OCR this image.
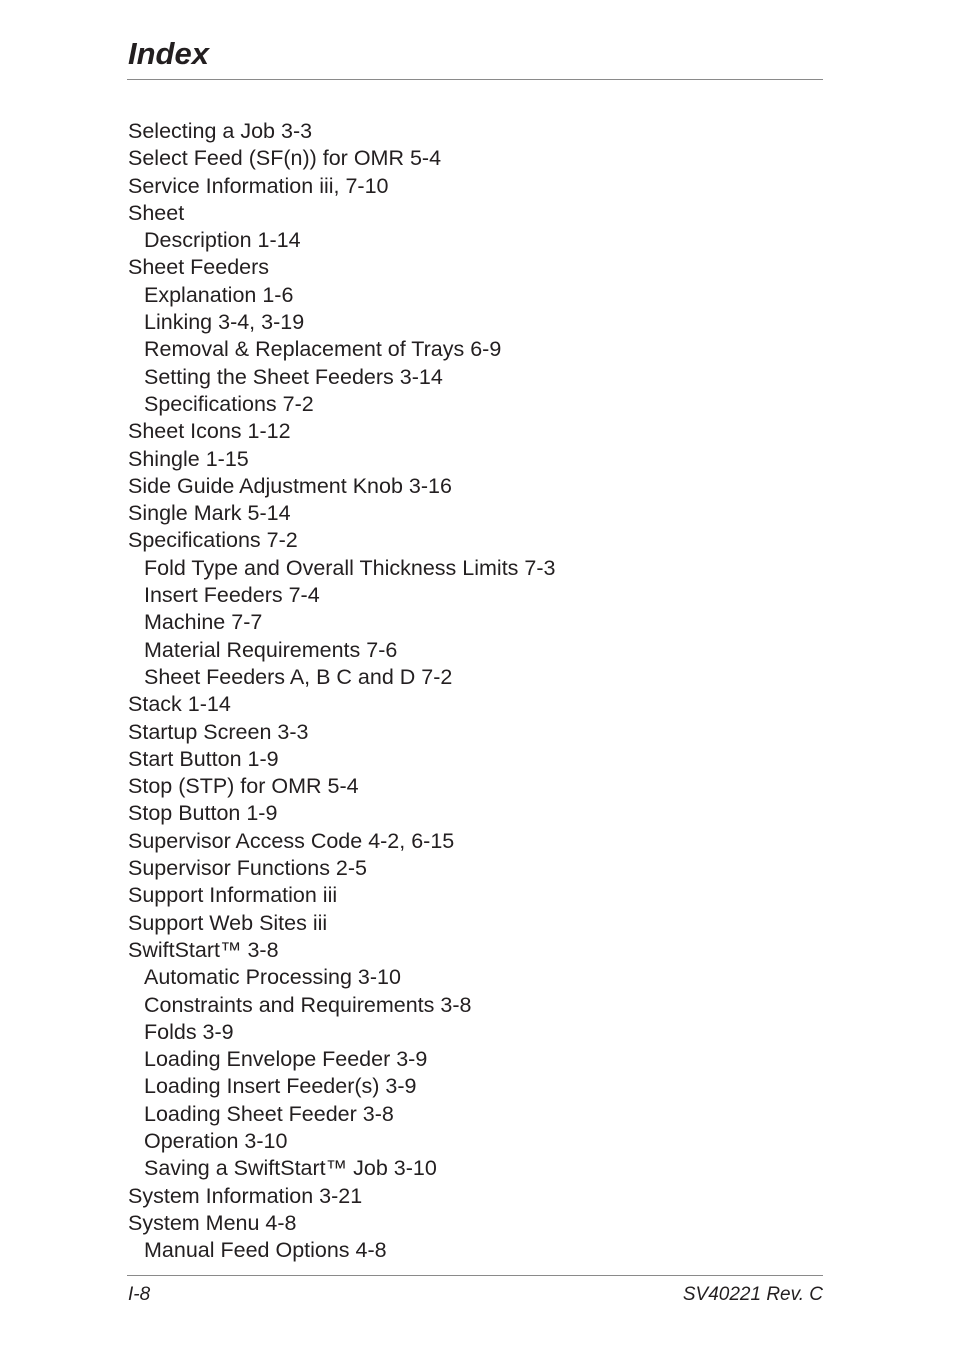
Index
Selecting a Job 3-3
Select Feed (SF(n)) for OMR 5-4
Service Information iii, 7-10
Sheet
Description 1-14
Sheet Feeders
Explanation 1-6
Linking 3-4, 3-19
Removal & Replacement of Trays 6-9
Setting the Sheet Feeders 3-14
Specifications 7-2
Sheet Icons 1-12
Shingle 1-15
Side Guide Adjustment Knob 3-16
Single Mark 5-14
Specifications 7-2
Fold Type and Overall Thickness Limits 7-3
Insert Feeders 7-4
Machine 7-7
Material Requirements 7-6
Sheet Feeders A, B C and D 7-2
Stack 1-14
Startup Screen 3-3
Start Button 1-9
Stop (STP) for OMR 5-4
Stop Button 1-9
Supervisor Access Code 4-2, 6-15
Supervisor Functions 2-5
Support Information iii
Support Web Sites iii
SwiftStart™ 3-8
Automatic Processing 3-10
Constraints and Requirements 3-8
Folds 3-9
Loading Envelope Feeder 3-9
Loading Insert Feeder(s) 3-9
Loading Sheet Feeder 3-8
Operation 3-10
Saving a SwiftStart™ Job 3-10
System Information 3-21
System Menu 4-8
Manual Feed Options 4-8
I-8	SV40221 Rev. C
